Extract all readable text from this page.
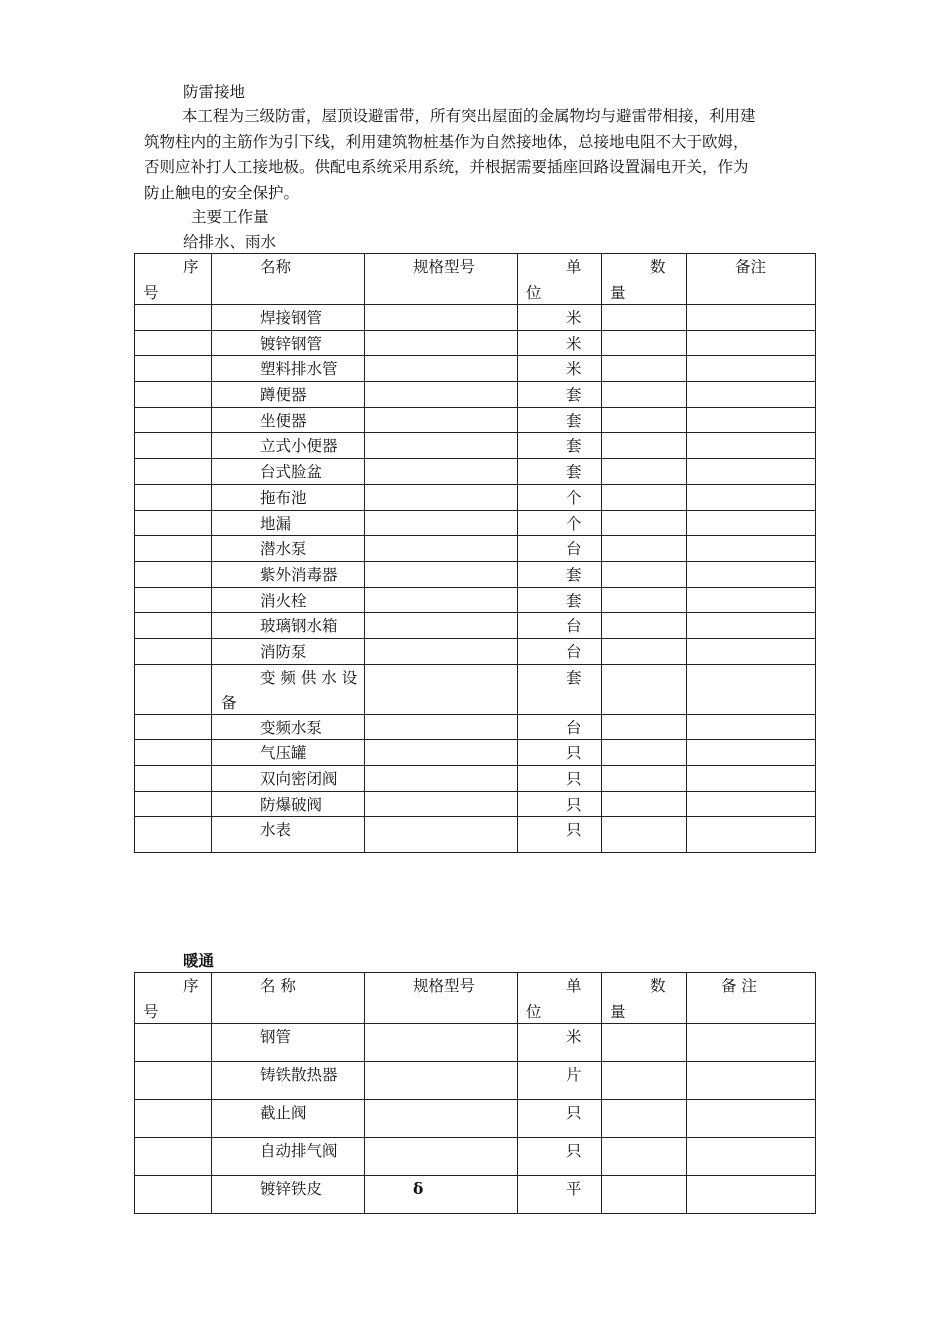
防雷接地
本工程为三级防雷，屋顶设避雷带，所有突出屋面的金属物均与避雷带相接，利用建
筑物柱内的主筋作为引下线，利用建筑物桩基作为自然接地体，总接地电阻不大于欧姆，
否则应补打人工接地极。供配电系统采用系统，并根据需要插座回路设置漏电开关，作为
防止触电的安全保护。
主要工作量
给排水、雨水
序
号	名称	规格型号	单
位	数
量	备注

	焊接钢管		米		

	镀锌钢管		米		

	塑料排水管		米		

	蹲便器		套		

	坐便器		套		

	立式小便器		套		

	台式脸盆		套		

	拖布池		个		

	地漏		个		

	潜水泵		台		

	紫外消毒器		套		

	消火栓		套		

	玻璃钢水箱		台		

	消防泵		台		

	变 频 供 水 设
备		套		

	变频水泵		台		

	气压罐		只		

	双向密闭阀		只		

	防爆破阀		只		

	水表		只		

暖通
序
号	名 称	规格型号	单
位	数
量	备 注

	钢管		米		

	铸铁散热器		片		

	截止阀		只		

	自动排气阀		只		

	镀锌铁皮	δ	平		
